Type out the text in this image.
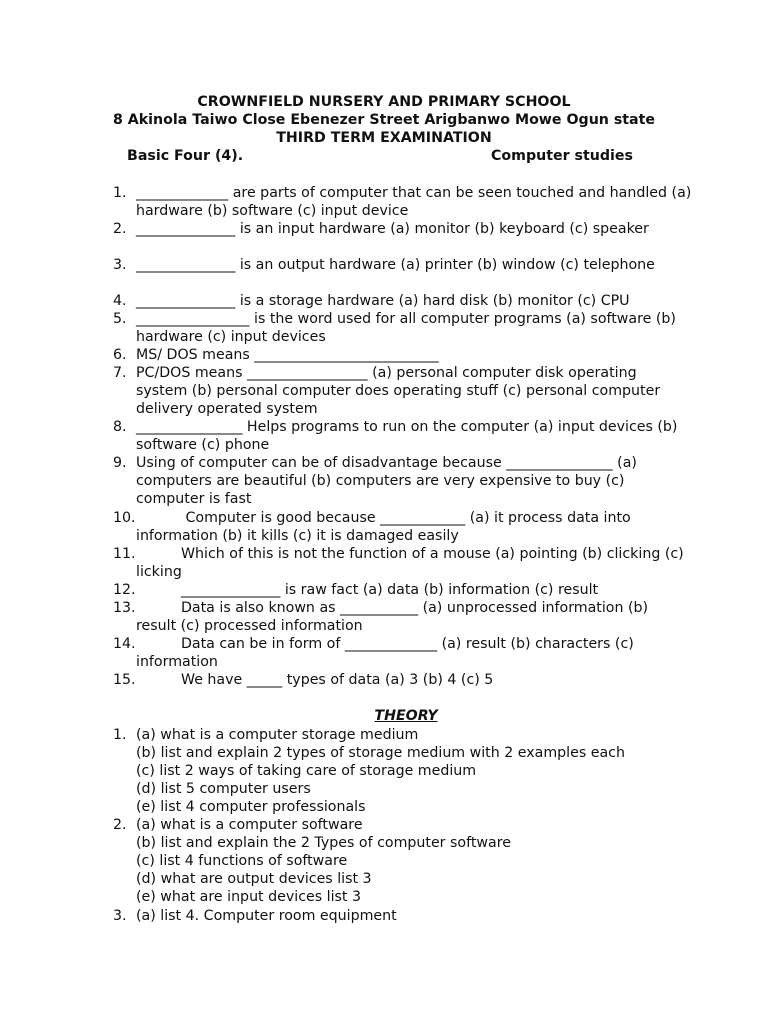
CROWNFIELD NURSERY AND PRIMARY SCHOOL
8 Akinola Taiwo Close Ebenezer Street Arigbanwo Mowe Ogun state
THIRD TERM EXAMINATION
Basic Four (4).	Computer studies
1. _____________ are parts of computer that can be seen touched and handled (a) hardware (b) software (c) input device
2. ______________ is an input hardware (a) monitor (b) keyboard (c) speaker
3. ______________ is an output hardware (a) printer (b) window (c) telephone
4. ______________ is a storage hardware (a) hard disk (b) monitor (c) CPU
5. ________________ is the word used for all computer programs (a) software (b) hardware (c) input devices
6. MS/ DOS means __________________________
7. PC/DOS means _________________ (a) personal computer disk operating system (b) personal computer does operating stuff (c) personal computer delivery operated system
8. _______________ Helps programs to run on the computer (a) input devices (b) software (c) phone
9. Using of computer can be of disadvantage because _______________ (a) computers are beautiful (b) computers are very expensive to buy (c) computer is fast
10.	Computer is good because ____________ (a) it process data into information (b) it kills (c) it is damaged easily
11.	Which of this is not the function of a mouse (a) pointing (b) clicking (c) licking
12.	______________ is raw fact (a) data (b) information (c) result
13.	Data is also known as ___________ (a) unprocessed information (b) result (c) processed information
14.	Data can be in form of _____________ (a) result (b) characters (c) information
15.	We have _____ types of data (a) 3 (b) 4 (c) 5
THEORY
1. (a) what is a computer storage medium
(b) list and explain 2 types of storage medium with 2 examples each
(c) list 2 ways of taking care of storage medium
(d) list 5 computer users
(e) list 4 computer professionals
2. (a) what is a computer software
(b) list and explain the 2 Types of computer software
(c) list 4 functions of software
(d) what are output devices list 3
(e) what are input devices list 3
3. (a) list 4. Computer room equipment
